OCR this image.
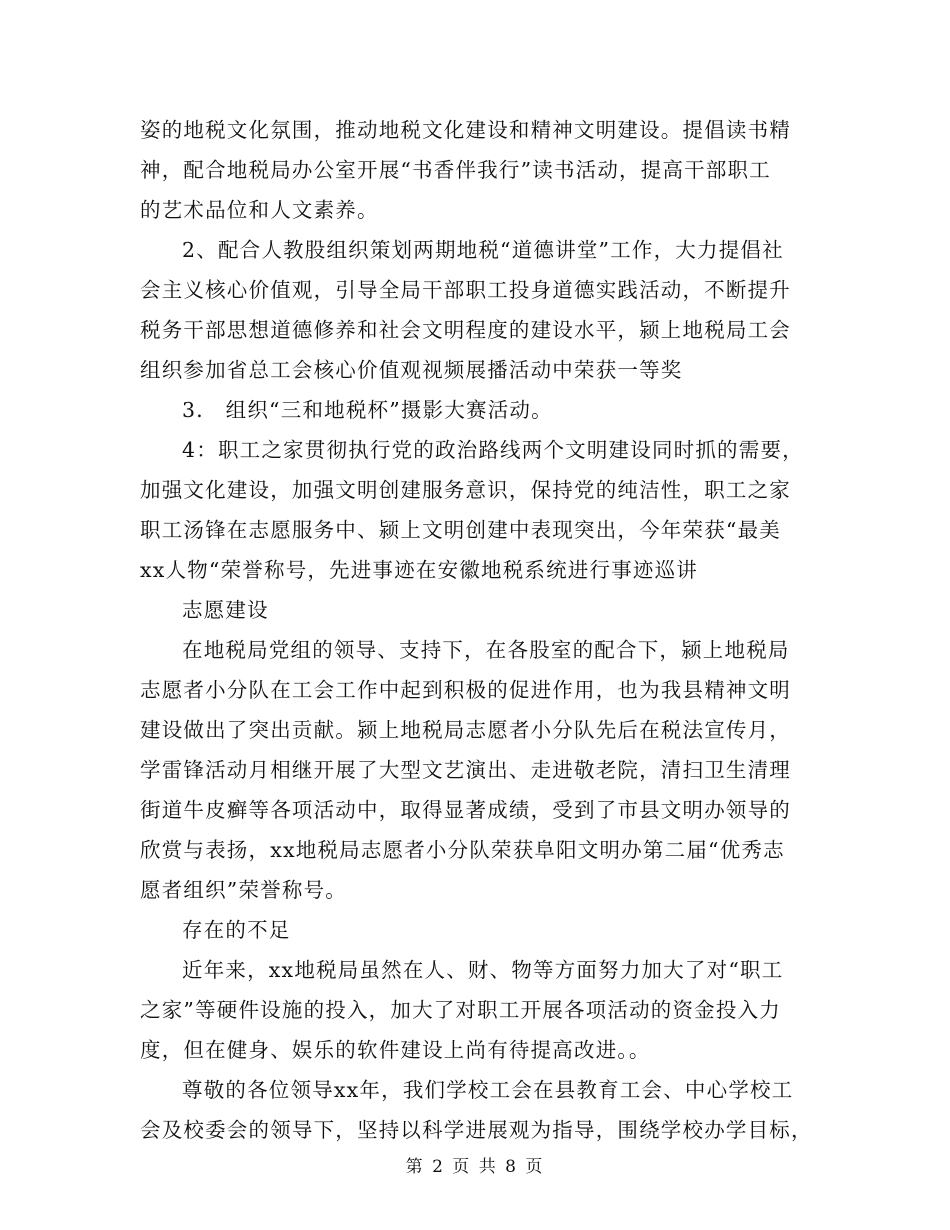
姿的地税文化氛围，推动地税文化建设和精神文明建设。提倡读书精
神，配合地税局办公室开展“书香伴我行”读书活动，提高干部职工
的艺术品位和人文素养。
2、配合人教股组织策划两期地税“道德讲堂”工作，大力提倡社
会主义核心价值观，引导全局干部职工投身道德实践活动，不断提升
税务干部思想道德修养和社会文明程度的建设水平，颍上地税局工会
组织参加省总工会核心价值观视频展播活动中荣获一等奖
3． 组织“三和地税杯”摄影大赛活动。
4：职工之家贯彻执行党的政治路线两个文明建设同时抓的需要，
加强文化建设，加强文明创建服务意识，保持党的纯洁性，职工之家
职工汤锋在志愿服务中、颍上文明创建中表现突出，今年荣获“最美
xx人物“荣誉称号，先进事迹在安徽地税系统进行事迹巡讲
志愿建设
在地税局党组的领导、支持下，在各股室的配合下，颍上地税局
志愿者小分队在工会工作中起到积极的促进作用，也为我县精神文明
建设做出了突出贡献。颍上地税局志愿者小分队先后在税法宣传月，
学雷锋活动月相继开展了大型文艺演出、走进敬老院，清扫卫生清理
街道牛皮癣等各项活动中，取得显著成绩，受到了市县文明办领导的
欣赏与表扬，xx地税局志愿者小分队荣获阜阳文明办第二届“优秀志
愿者组织”荣誉称号。
存在的不足
近年来，xx地税局虽然在人、财、物等方面努力加大了对“职工
之家”等硬件设施的投入，加大了对职工开展各项活动的资金投入力
度，但在健身、娱乐的软件建设上尚有待提高改进。。
尊敬的各位领导xx年，我们学校工会在县教育工会、中心学校工
会及校委会的领导下，坚持以科学进展观为指导，围绕学校办学目标，
第 2 页 共 8 页
